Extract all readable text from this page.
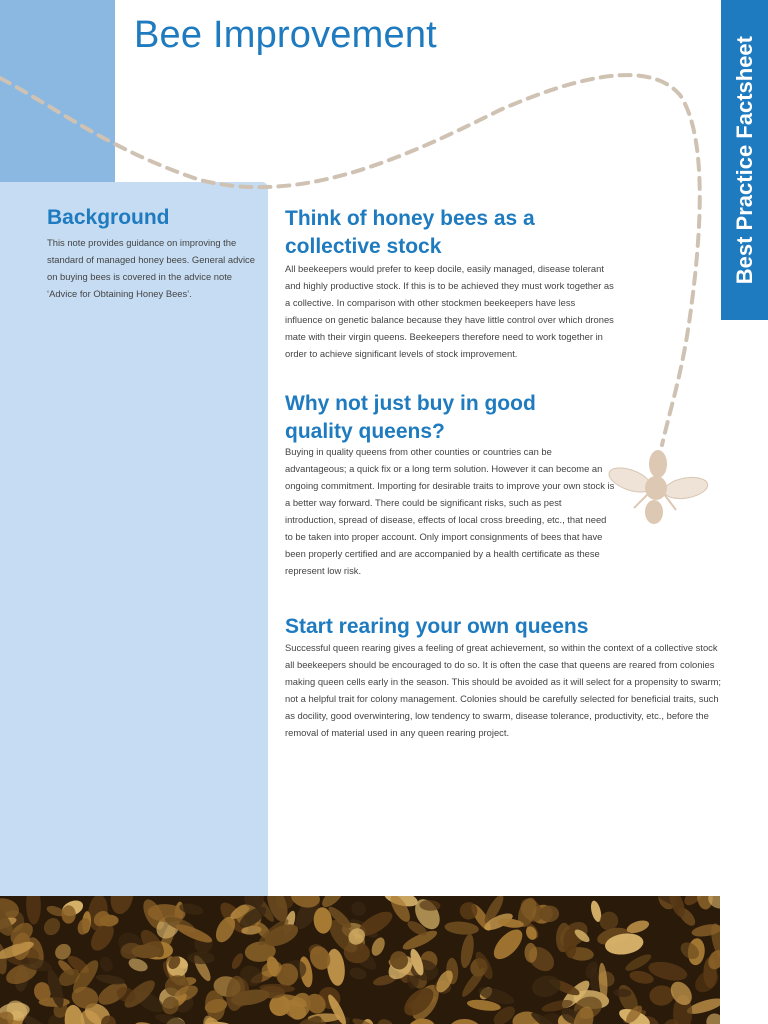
Bee Improvement
Best Practice Factsheet
Background

This note provides guidance on improving the standard of managed honey bees. General advice on buying bees is covered in the advice note ‘Advice for Obtaining Honey Bees’.

Think of honey bees as a collective stock

All beekeepers would prefer to keep docile, easily managed, disease tolerant and highly productive stock. If this is to be achieved they must work together as a collective. In comparison with other stockmen beekeepers have less influence on genetic balance because they have little control over which drones mate with their virgin queens. Beekeepers therefore need to work together in order to achieve significant levels of stock improvement.

Why not just buy in good quality queens?

Buying in quality queens from other counties or countries can be advantageous; a quick fix or a long term solution. However it can become an ongoing commitment. Importing for desirable traits to improve your own stock is a better way forward. There could be significant risks, such as pest introduction, spread of disease, effects of local cross breeding, etc., that need to be taken into proper account. Only import consignments of bees that have been properly certified and are accompanied by a health certificate as these represent low risk.

Start rearing your own queens

Successful queen rearing gives a feeling of great achievement, so within the context of a collective stock all beekeepers should be encouraged to do so. It is often the case that queens are reared from colonies making queen cells early in the season. This should be avoided as it will select for a propensity to swarm; not a helpful trait for colony management. Colonies should be carefully selected for beneficial traits, such as docility, good overwintering, low tendency to swarm, disease tolerance, productivity, etc., before the removal of material used in any queen rearing project.
